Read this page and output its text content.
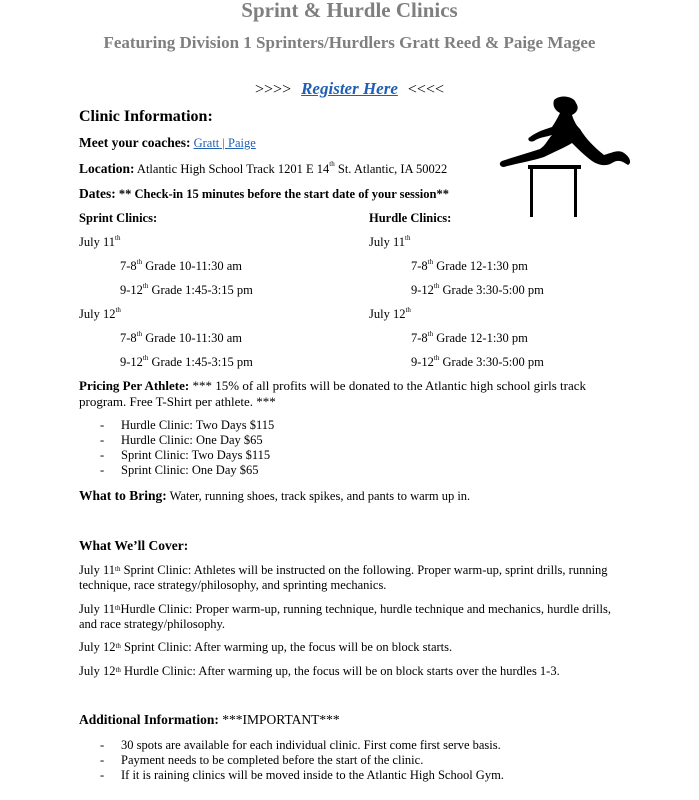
Sprint & Hurdle Clinics
Featuring Division 1 Sprinters/Hurdlers Gratt Reed & Paige Magee
>>>> Register Here <<<<
Clinic Information:
Meet your coaches: Gratt | Paige
Location: Atlantic High School Track 1201 E 14th St. Atlantic, IA 50022
Dates: ** Check-in 15 minutes before the start date of your session**
Sprint Clinics:	Hurdle Clinics:
July 11th	July 11th
7-8th Grade 10-11:30 am	7-8th Grade 12-1:30 pm
9-12th Grade 1:45-3:15 pm	9-12th Grade 3:30-5:00 pm
July 12th	July 12th
7-8th Grade 10-11:30 am	7-8th Grade 12-1:30 pm
9-12th Grade 1:45-3:15 pm	9-12th Grade 3:30-5:00 pm
Pricing Per Athlete: *** 15% of all profits will be donated to the Atlantic high school girls track program. Free T-Shirt per athlete. ***
- Hurdle Clinic: Two Days $115
- Hurdle Clinic: One Day $65
- Sprint Clinic: Two Days $115
- Sprint Clinic: One Day $65
What to Bring: Water, running shoes, track spikes, and pants to warm up in.
What We’ll Cover:
July 11th Sprint Clinic: Athletes will be instructed on the following. Proper warm-up, sprint drills, running technique, race strategy/philosophy, and sprinting mechanics.
July 11thHurdle Clinic: Proper warm-up, running technique, hurdle technique and mechanics, hurdle drills, and race strategy/philosophy.
July 12th Sprint Clinic: After warming up, the focus will be on block starts.
July 12th Hurdle Clinic: After warming up, the focus will be on block starts over the hurdles 1-3.
Additional Information: ***IMPORTANT***
- 30 spots are available for each individual clinic. First come first serve basis.
- Payment needs to be completed before the start of the clinic.
- If it is raining clinics will be moved inside to the Atlantic High School Gym.
